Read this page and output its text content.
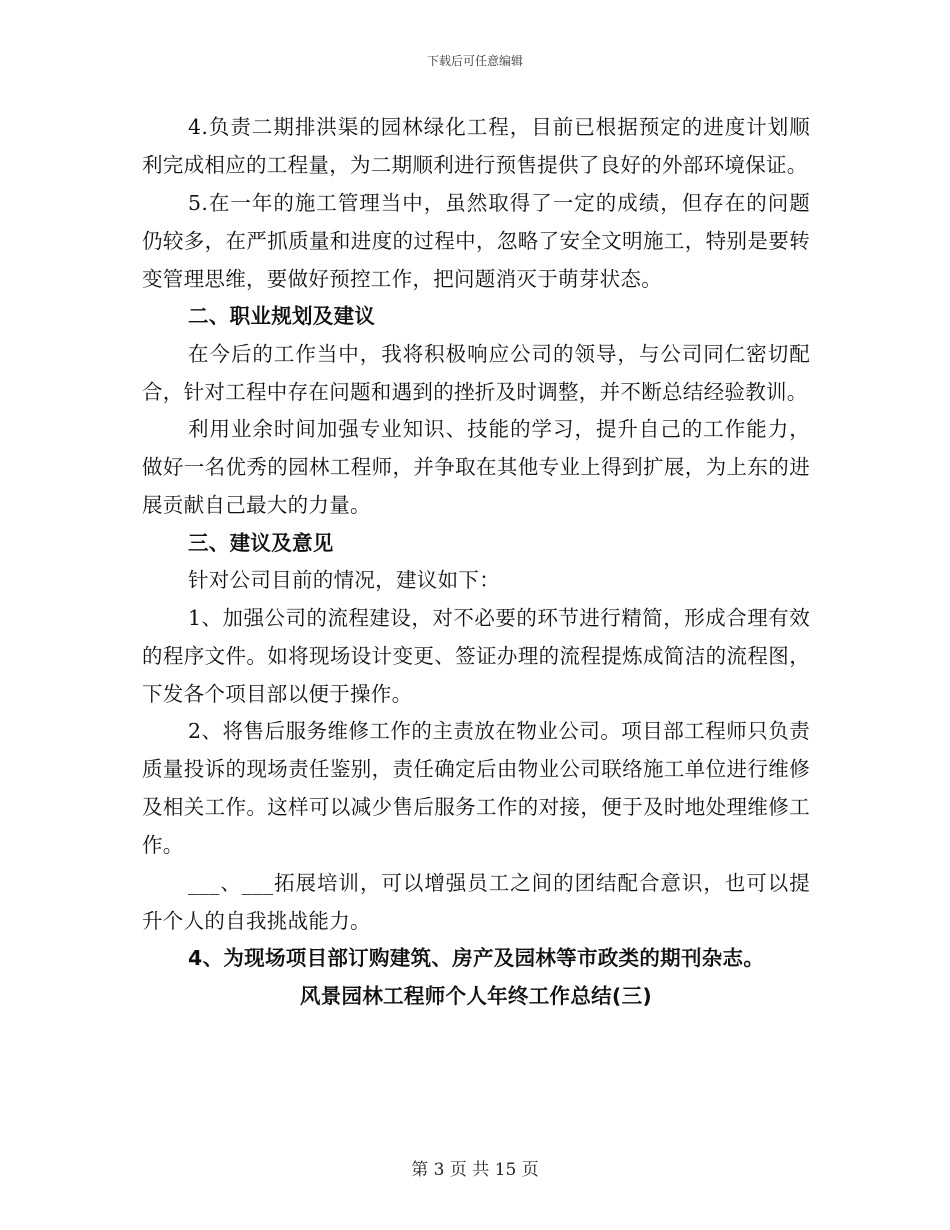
下载后可任意编辑

4.负责二期排洪渠的园林绿化工程，目前已根据预定的进度计划顺利完成相应的工程量，为二期顺利进行预售提供了良好的外部环境保证。

5.在一年的施工管理当中，虽然取得了一定的成绩，但存在的问题仍较多，在严抓质量和进度的过程中，忽略了安全文明施工，特别是要转变管理思维，要做好预控工作，把问题消灭于萌芽状态。

二、职业规划及建议

在今后的工作当中，我将积极响应公司的领导，与公司同仁密切配合，针对工程中存在问题和遇到的挫折及时调整，并不断总结经验教训。

利用业余时间加强专业知识、技能的学习，提升自己的工作能力，做好一名优秀的园林工程师，并争取在其他专业上得到扩展，为上东的进展贡献自己最大的力量。

三、建议及意见

针对公司目前的情况，建议如下：

1、加强公司的流程建设，对不必要的环节进行精简，形成合理有效的程序文件。如将现场设计变更、签证办理的流程提炼成简洁的流程图，下发各个项目部以便于操作。

2、将售后服务维修工作的主责放在物业公司。项目部工程师只负责质量投诉的现场责任鉴别，责任确定后由物业公司联络施工单位进行维修及相关工作。这样可以减少售后服务工作的对接，便于及时地处理维修工作。

___、___拓展培训，可以增强员工之间的团结配合意识，也可以提升个人的自我挑战能力。

4、为现场项目部订购建筑、房产及园林等市政类的期刊杂志。

风景园林工程师个人年终工作总结(三)

第 3 页 共 15 页
